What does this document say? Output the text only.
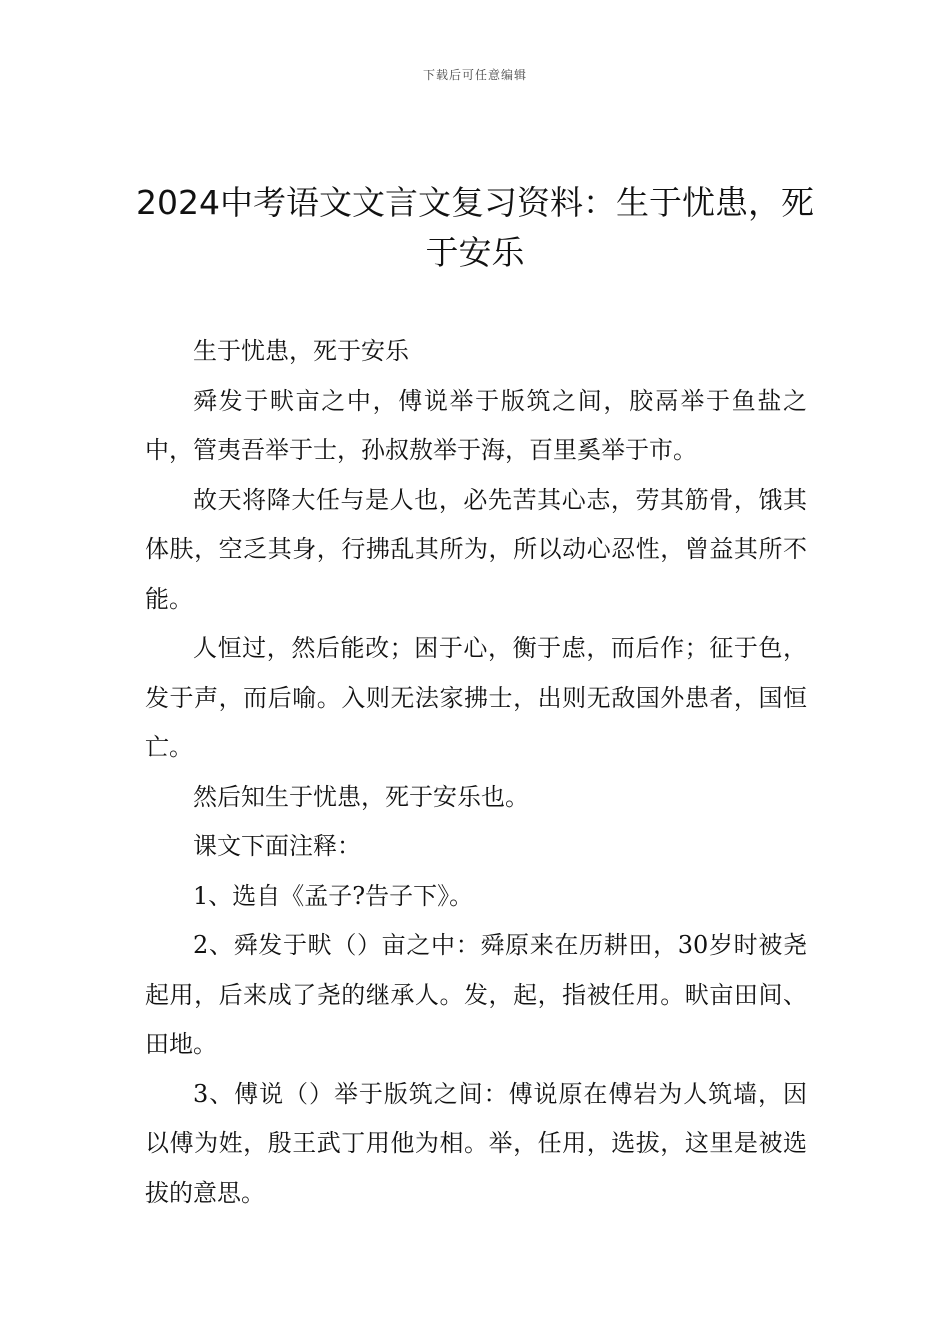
下载后可任意编辑
2024中考语文文言文复习资料：生于忧患，死于安乐

生于忧患，死于安乐

舜发于畎亩之中，傅说举于版筑之间，胶鬲举于鱼盐之中，管夷吾举于士，孙叔敖举于海，百里奚举于市。

故天将降大任与是人也，必先苦其心志，劳其筋骨，饿其体肤，空乏其身，行拂乱其所为，所以动心忍性，曾益其所不能。

人恒过，然后能改；困于心，衡于虑，而后作；征于色，发于声，而后喻。入则无法家拂士，出则无敌国外患者，国恒亡。

然后知生于忧患，死于安乐也。

课文下面注释：

1、选自《孟子?告子下》。

2、舜发于畎（）亩之中：舜原来在历耕田，30岁时被尧起用，后来成了尧的继承人。发，起，指被任用。畎亩田间、田地。

3、傅说（）举于版筑之间：傅说原在傅岩为人筑墙，因以傅为姓，殷王武丁用他为相。举，任用，选拔，这里是被选拔的意思。
